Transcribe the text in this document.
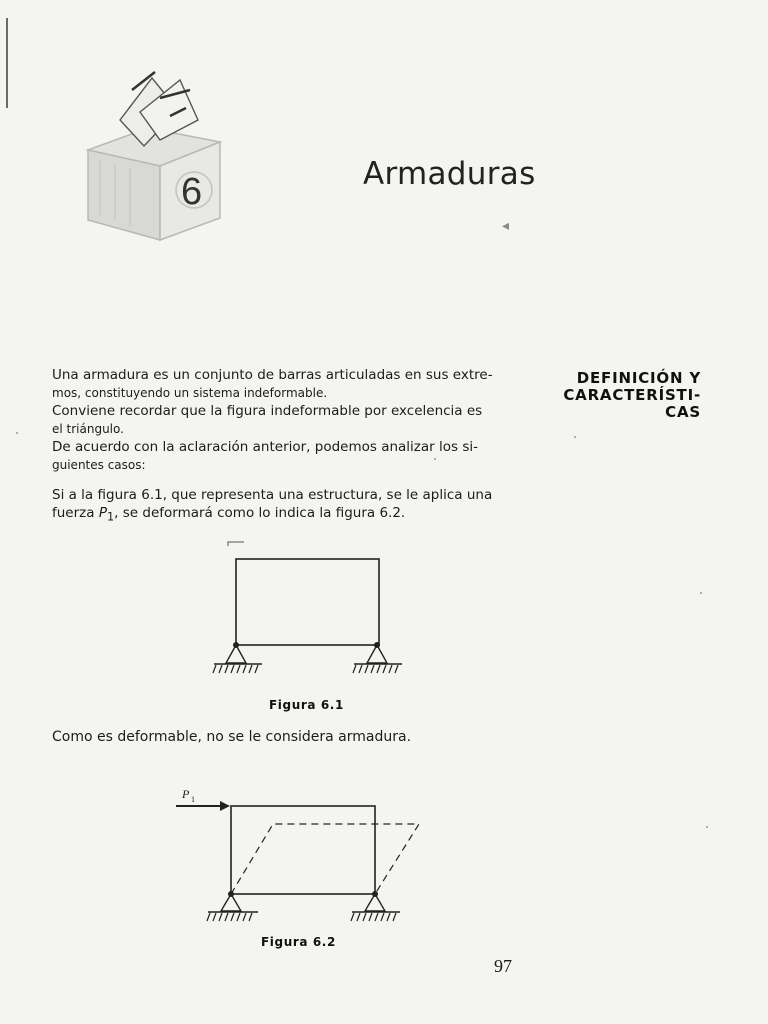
6	Armaduras
◂
DEFINICIÓN Y
CARACTERÍSTI-
CAS
Una armadura es un conjunto de barras articuladas en sus extre-
mos, constituyendo un sistema indeformable.
Conviene recordar que la figura indeformable por excelencia es
el triángulo.
De acuerdo con la aclaración anterior, podemos analizar los si-
guientes casos:
Si a la figura 6.1, que representa una estructura, se le aplica una
fuerza $P_1$, se deformará como lo indica la figura 6.2.
Figura 6.1
Como es deformable, no se le considera armadura.
P 1
Figura 6.2
97
